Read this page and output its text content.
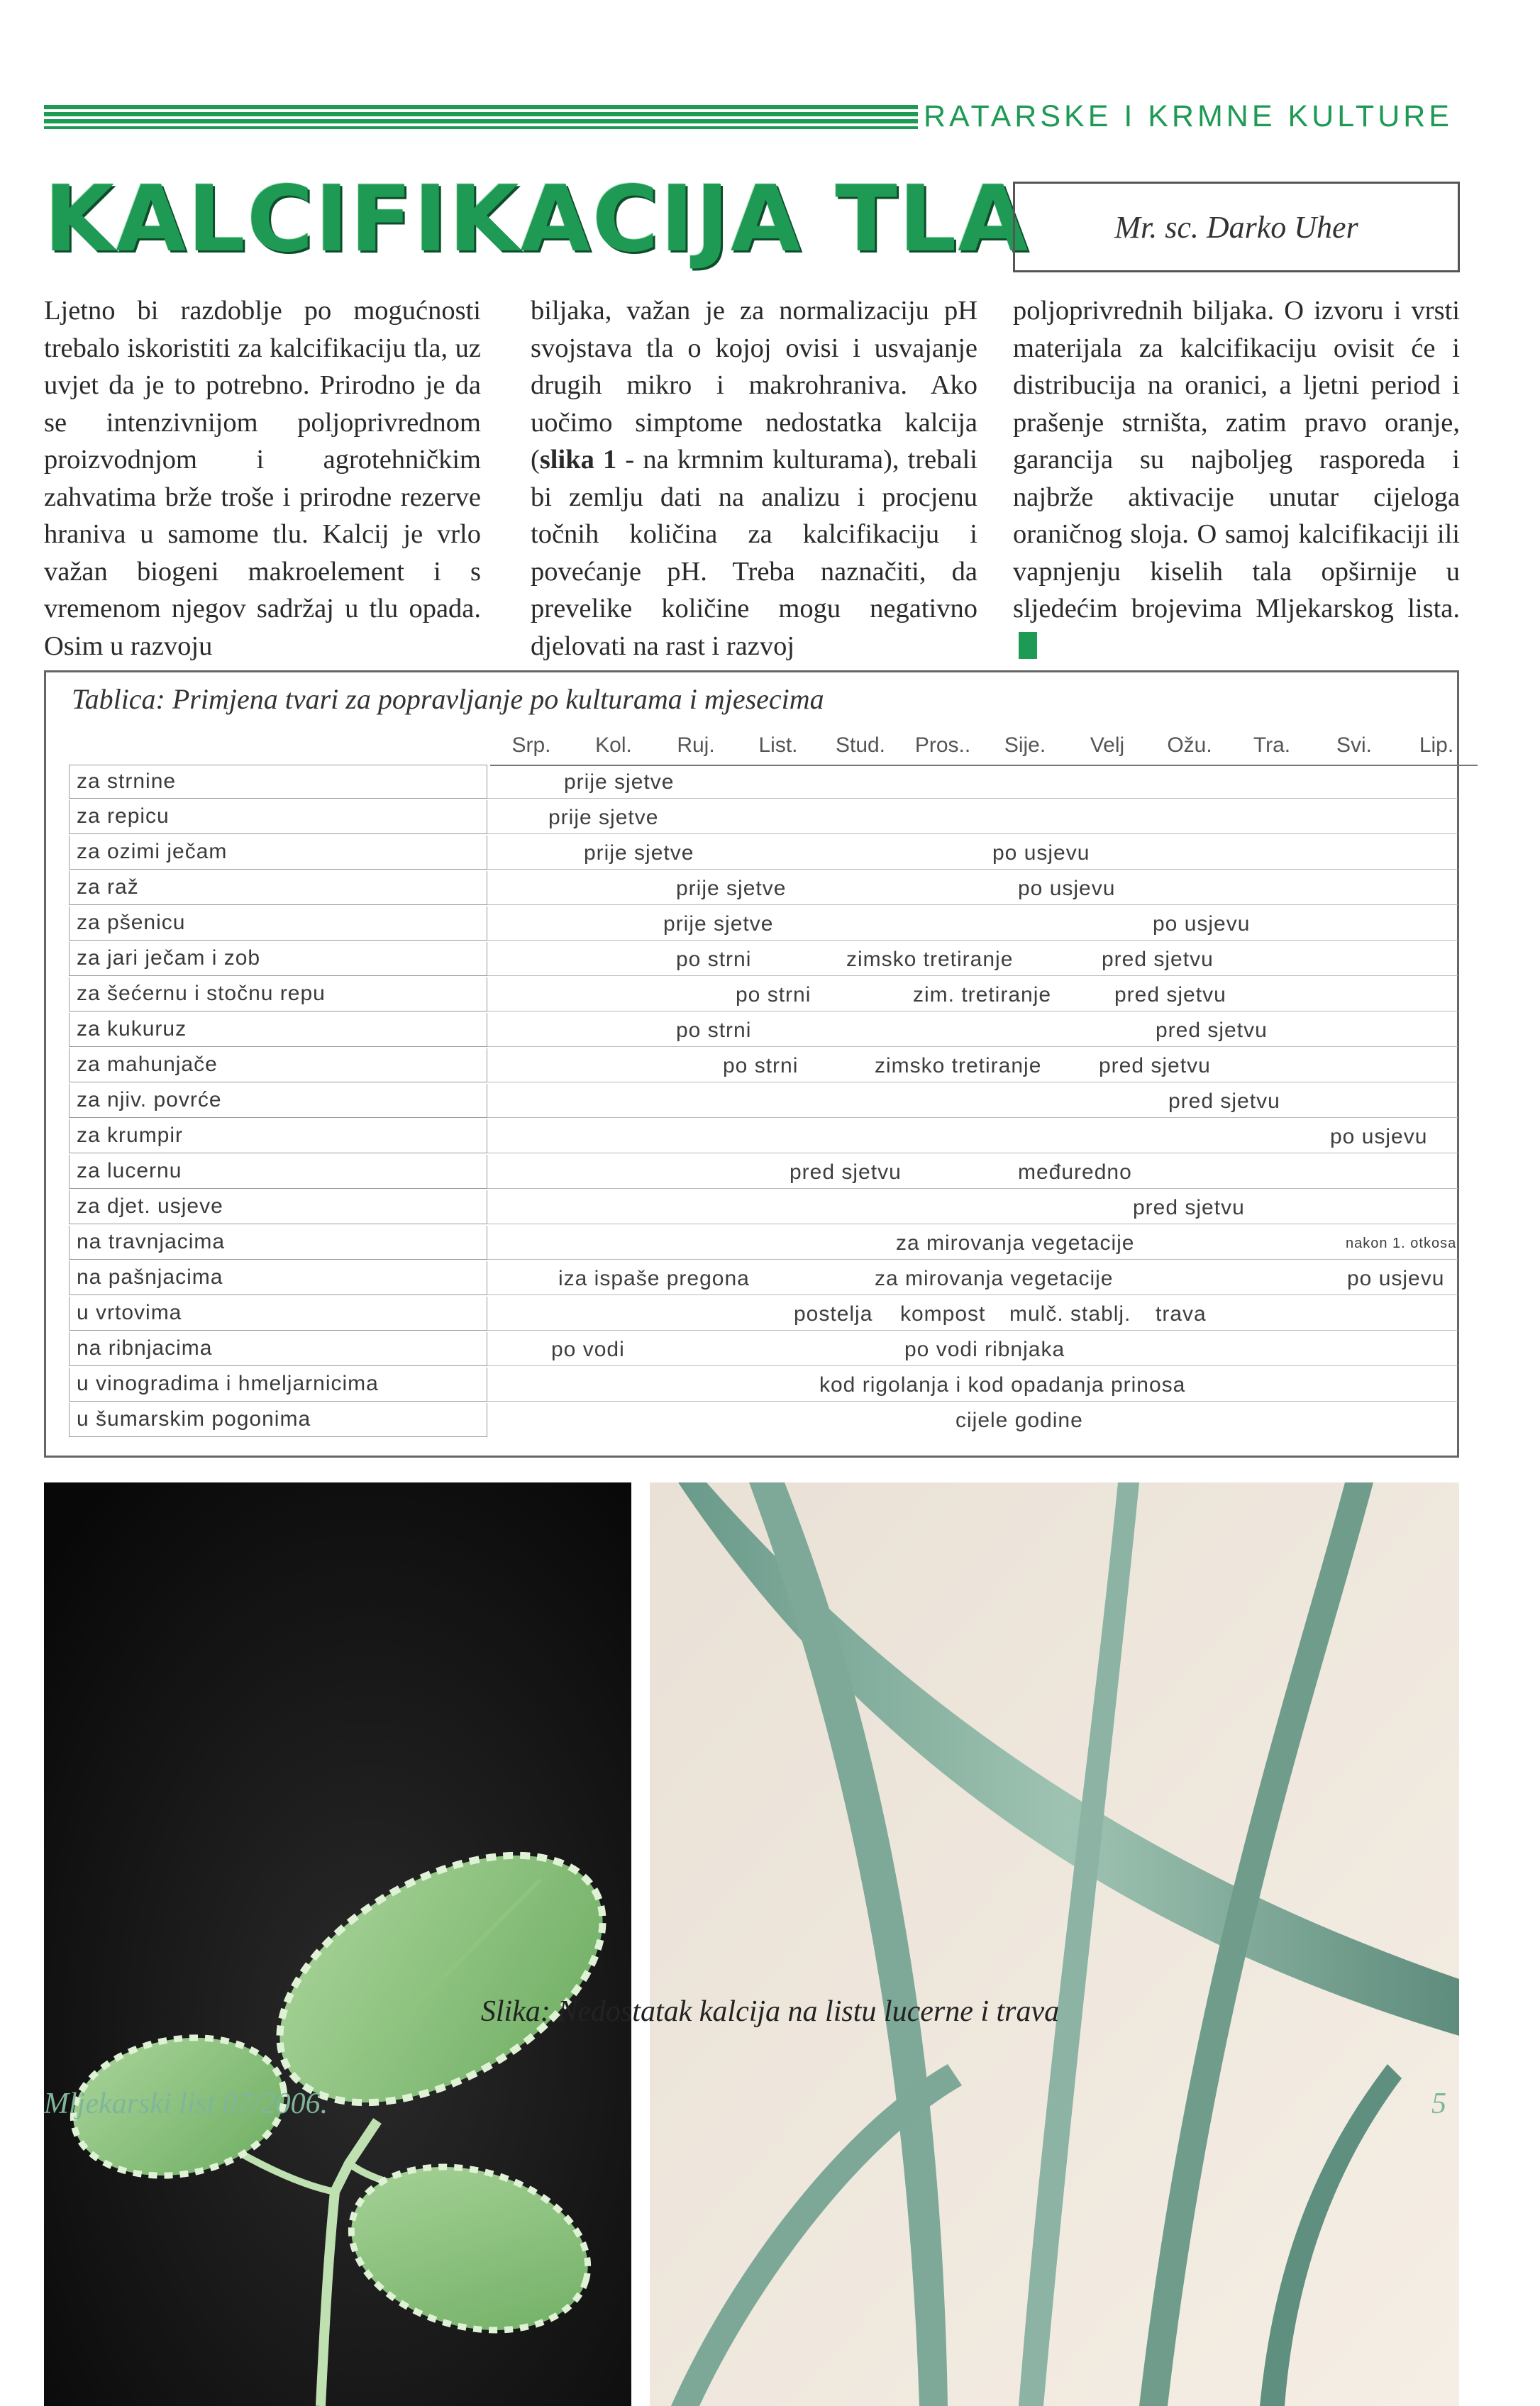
RATARSKE I KRMNE KULTURE
KALCIFIKACIJA TLA	Mr. sc. Darko Uher
Ljetno bi razdoblje po mogućnosti trebalo iskoristiti za kalcifikaciju tla, uz uvjet da je to potrebno. Prirodno je da se intenzivnijom poljoprivrednom proizvodnjom i agrotehničkim zahvatima brže troše i prirodne rezerve hraniva u samome tlu. Kalcij je vrlo važan biogeni makroelement i s vremenom njegov sadržaj u tlu opada. Osim u razvoju
biljaka, važan je za normalizaciju pH svojstava tla o kojoj ovisi i usvajanje drugih mikro i makrohraniva. Ako uočimo simptome nedostatka kalcija (slika 1 - na krmnim kulturama), trebali bi zemlju dati na analizu i procjenu točnih količina za kalcifikaciju i povećanje pH. Treba naznačiti, da prevelike količine mogu negativno djelovati na rast i razvoj
poljoprivrednih biljaka. O izvoru i vrsti materijala za kalcifikaciju ovisit će i distribucija na oranici, a ljetni period i prašenje strništa, zatim pravo oranje, garancija su najboljeg rasporeda i najbrže aktivacije unutar cijeloga oraničnog sloja. O samoj kalcifikaciji ili vapnjenju kiselih tala opširnije u sljedećim brojevima Mljekarskog lista.
Tablica: Primjena tvari za popravljanje po kulturama i mjesecima
Srp.	Kol.	Ruj.	List.	Stud.	Pros..	Sije.	Velj	Ožu.	Tra.	Svi.	Lip.
za strnine	prije sjetve
za repicu	prije sjetve
za ozimi ječam	prije sjetve	po usjevu
za raž	prije sjetve	po usjevu
za pšenicu	prije sjetve	po usjevu
za jari ječam i zob	po strni	zimsko tretiranje	pred sjetvu
za šećernu i stočnu repu	po strni	zim. tretiranje	pred sjetvu
za kukuruz	po strni	pred sjetvu
za mahunjače	po strni	zimsko tretiranje	pred sjetvu
za njiv. povrće	pred sjetvu
za krumpir	po usjevu
za lucernu	pred sjetvu	međuredno
za djet. usjeve	pred sjetvu
na travnjacima	za mirovanja vegetacije	nakon 1. otkosa
na pašnjacima	iza ispaše pregona	za mirovanja vegetacije	po usjevu
u vrtovima	postelja kompost mulč. stablj. trava
na ribnjacima	po vodi	po vodi ribnjaka
u vinogradima i hmeljarnicima	kod rigolanja i kod opadanja prinosa
u šumarskim pogonima	cijele godine
Slika: Nedostatak kalcija na listu lucerne i trava
Mljekarski list 07/2006.	5
